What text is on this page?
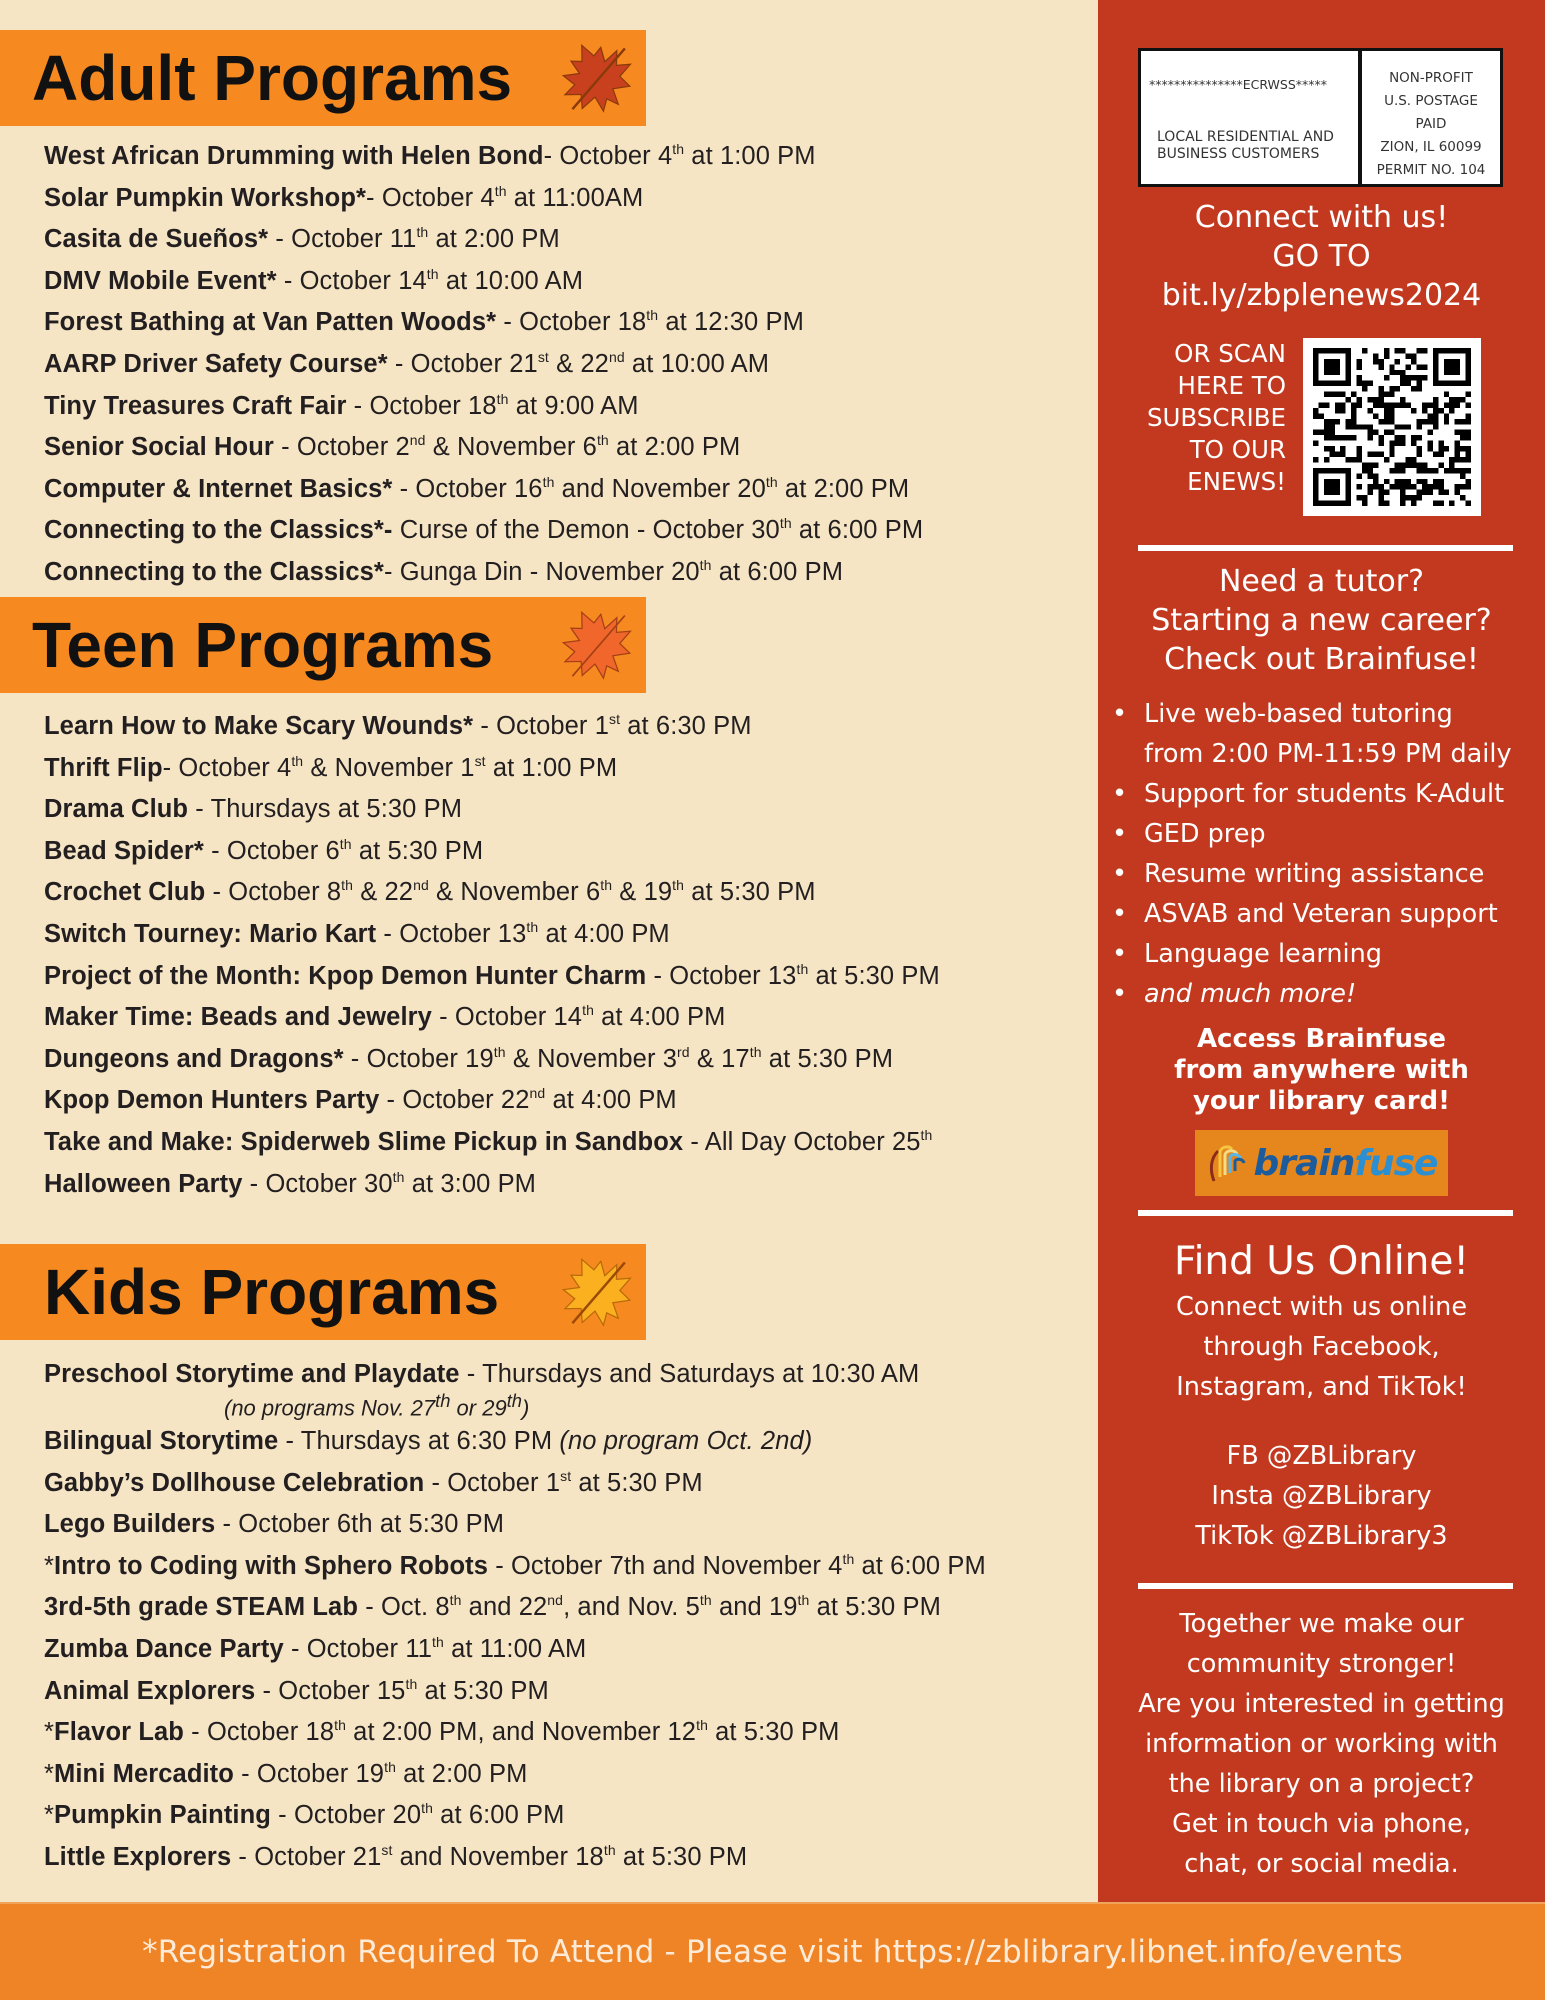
Adult Programs
West African Drumming with Helen Bond- October 4th at 1:00 PM
Solar Pumpkin Workshop*- October 4th at 11:00AM
Casita de Sueños* - October 11th at 2:00 PM
DMV Mobile Event* - October 14th at 10:00 AM
Forest Bathing at Van Patten Woods* - October 18th at 12:30 PM
AARP Driver Safety Course* - October 21st & 22nd at 10:00 AM
Tiny Treasures Craft Fair - October 18th at 9:00 AM
Senior Social Hour - October 2nd & November 6th at 2:00 PM
Computer & Internet Basics* - October 16th and November 20th at 2:00 PM
Connecting to the Classics*- Curse of the Demon - October 30th at 6:00 PM
Connecting to the Classics*- Gunga Din - November 20th at 6:00 PM
Teen Programs
Learn How to Make Scary Wounds* - October 1st at 6:30 PM
Thrift Flip- October 4th & November 1st at 1:00 PM
Drama Club - Thursdays at 5:30 PM
Bead Spider* - October 6th at 5:30 PM
Crochet Club - October 8th & 22nd & November 6th & 19th at 5:30 PM
Switch Tourney: Mario Kart - October 13th at 4:00 PM
Project of the Month: Kpop Demon Hunter Charm - October 13th at 5:30 PM
Maker Time: Beads and Jewelry - October 14th at 4:00 PM
Dungeons and Dragons* - October 19th & November 3rd & 17th at 5:30 PM
Kpop Demon Hunters Party - October 22nd at 4:00 PM
Take and Make: Spiderweb Slime Pickup in Sandbox - All Day October 25th
Halloween Party - October 30th at 3:00 PM
Kids Programs
Preschool Storytime and Playdate - Thursdays and Saturdays at 10:30 AM
(no programs Nov. 27th or 29th)
Bilingual Storytime - Thursdays at 6:30 PM (no program Oct. 2nd)
Gabby’s Dollhouse Celebration - October 1st at 5:30 PM
Lego Builders - October 6th at 5:30 PM
*Intro to Coding with Sphero Robots - October 7th and November 4th at 6:00 PM
3rd-5th grade STEAM Lab - Oct. 8th and 22nd, and Nov. 5th and 19th at 5:30 PM
Zumba Dance Party - October 11th at 11:00 AM
Animal Explorers - October 15th at 5:30 PM
*Flavor Lab - October 18th at 2:00 PM, and November 12th at 5:30 PM
*Mini Mercadito - October 19th at 2:00 PM
*Pumpkin Painting - October 20th at 6:00 PM
Little Explorers - October 21st and November 18th at 5:30 PM
***************ECRWSS*****
LOCAL RESIDENTIAL AND
BUSINESS CUSTOMERS
NON-PROFIT
U.S. POSTAGE
PAID
ZION, IL 60099
PERMIT NO. 104
Connect with us!
GO TO
bit.ly/zbplenews2024
OR SCAN
HERE TO
SUBSCRIBE
TO OUR
ENEWS!
Need a tutor?
Starting a new career?
Check out Brainfuse!
• Live web-based tutoring
from 2:00 PM-11:59 PM daily
• Support for students K-Adult
• GED prep
• Resume writing assistance
• ASVAB and Veteran support
• Language learning
• and much more!
Access Brainfuse
from anywhere with
your library card!
brainfuse
Find Us Online!
Connect with us online
through Facebook,
Instagram, and TikTok!
FB @ZBLibrary
Insta @ZBLibrary
TikTok @ZBLibrary3
Together we make our
community stronger!
Are you interested in getting
information or working with
the library on a project?
Get in touch via phone,
chat, or social media.
*Registration Required To Attend - Please visit https://zblibrary.libnet.info/events
